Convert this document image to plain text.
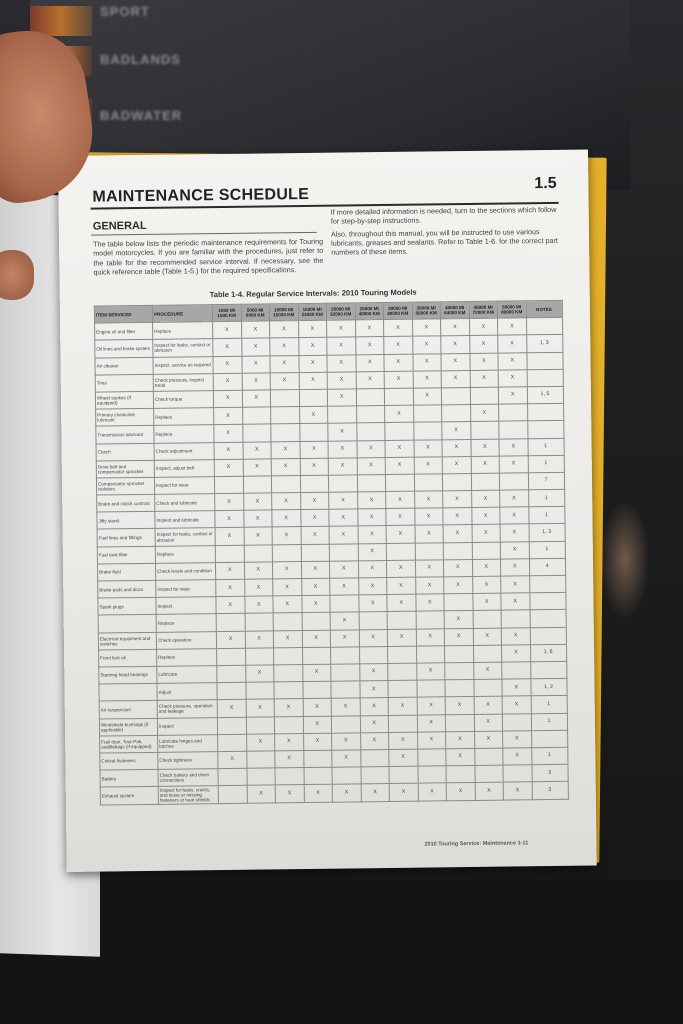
SPORT
BADLANDS
BADWATER
MAINTENANCE SCHEDULE
1.5
GENERAL
The table below lists the periodic maintenance requirements for Touring model motorcycles. If you are familiar with the procedures, just refer to the table for the recommended service interval. If necessary, see the quick reference table (Table 1-5.) for the required specifications.

If more detailed information is needed, turn to the sections which follow for step-by-step instructions.

Also, throughout this manual, you will be instructed to use various lubricants, greases and sealants. Refer to Table 1-6. for the correct part numbers of these items.

Table 1-4. Regular Service Intervals: 2010 Touring Models
ITEM SERVICED	PROCEDURE	1000 MI 1600 KM	5000 MI 8000 KM	10000 MI 16000 KM	15000 MI 24000 KM	20000 MI 32000 KM	25000 MI 40000 KM	30000 MI 48000 KM	35000 MI 56000 KM	40000 MI 64000 KM	45000 MI 72000 KM	50000 MI 80000 KM	NOTES
Engine oil and filter	Replace	X	X	X	X	X	X	X	X	X	X	X	
Oil lines and brake system	Inspect for leaks, contact or abrasion	X	X	X	X	X	X	X	X	X	X	X	1, 3
Air cleaner	Inspect, service as required	X	X	X	X	X	X	X	X	X	X	X	
Tires	Check pressure, inspect tread	X	X	X	X	X	X	X	X	X	X	X	
Wheel spokes (if equipped)	Check torque	X	X			X			X			X	1, 5
Primary chaincase lubricant	Replace	X			X			X			X		
Transmission lubricant	Replace	X				X				X			
Clutch	Check adjustment	X	X	X	X	X	X	X	X	X	X	X	1
Drive belt and compensator sprocket	Inspect, adjust belt	X	X	X	X	X	X	X	X	X	X	X	1
Compensator sprocket isolators	Inspect for wear												7
Brake and clutch controls	Check and lubricate	X	X	X	X	X	X	X	X	X	X	X	1
Jiffy stand	Inspect and lubricate	X	X	X	X	X	X	X	X	X	X	X	1
Fuel lines and fittings	Inspect for leaks, contact or abrasion	X	X	X	X	X	X	X	X	X	X	X	1, 3
Fuel tank filter	Replace						X					X	1
Brake fluid	Check levels and condition	X	X	X	X	X	X	X	X	X	X	X	4
Brake pads and discs	Inspect for wear	X	X	X	X	X	X	X	X	X	X	X	
Spark plugs	Inspect	X	X	X	X		X	X	X		X	X	
	Replace					X				X			
Electrical equipment and switches	Check operation	X	X	X	X	X	X	X	X	X	X	X	
Front fork oil	Replace											X	1, 6
Steering head bearings	Lubricate		X		X		X		X		X		
	Adjust						X					X	1, 2
Air suspension	Check pressure, operation and leakage	X	X	X	X	X	X	X	X	X	X	X	1
Windshield bushings (if applicable)	Inspect				X		X		X		X		1
Fuel door, Tour-Pak, saddlebags (if equipped)	Lubricate hinges and latches		X	X	X	X	X	X	X	X	X	X	
Critical fasteners	Check tightness	X		X		X		X		X		X	1
Battery	Check battery and clean connections												3
Exhaust system	Inspect for leaks, cracks, and loose or missing fasteners or heat shields		X	X	X	X	X	X	X	X	X	X	3
2010 Touring Service: Maintenance 1-11
